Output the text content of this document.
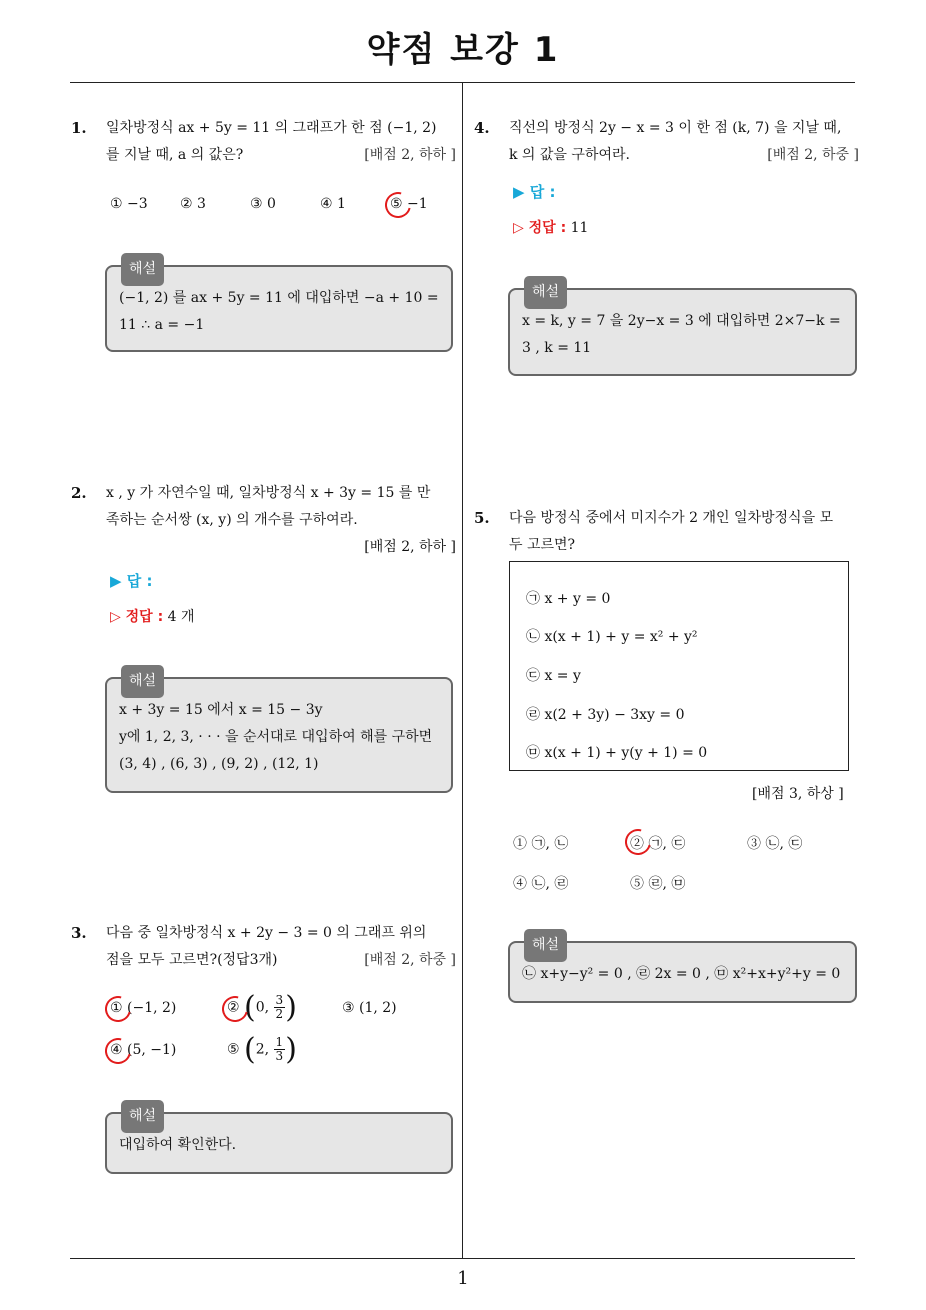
약점 보강 1
1
1. 일차방정식 ax + 5y = 11 의 그래프가 한 점 (−1, 2)
를 지날 때, a 의 값은?	[배점 2, 하하 ]
① −3 ② 3	③ 0	④ 1	⑤ −1
해설
(−1, 2) 를 ax + 5y = 11 에 대입하면 −a + 10 =
11 ∴ a = −1
2. x , y 가 자연수일 때, 일차방정식 x + 3y = 15 를 만
족하는 순서쌍 (x, y) 의 개수를 구하여라.
[배점 2, 하하 ]
▶ 답 :
▷ 정답 : 4 개
해설
x + 3y = 15 에서 x = 15 − 3y
y에 1, 2, 3, · · · 을 순서대로 대입하여 해를 구하면
(3, 4) , (6, 3) , (9, 2) , (12, 1)
3. 다음 중 일차방정식 x + 2y − 3 = 0 의 그래프 위의
점을 모두 고르면?(정답3개)	[배점 2, 하중 ]
① (−1, 2)	② (0, $\frac{3}{2}$ )	③ (1, 2)
④ (5, −1)	⑤ (2, $\frac{1}{3}$ )
해설
대입하여 확인한다.
4. 직선의 방정식 2y − x = 3 이 한 점 (k, 7) 을 지날 때,
k 의 값을 구하여라.	[배점 2, 하중 ]
▶ 답 :
▷ 정답 : 11
해설
x = k, y = 7 을 2y−x = 3 에 대입하면 2×7−k =
3 , k = 11
5. 다음 방정식 중에서 미지수가 2 개인 일차방정식을 모
두 고르면?
㉠ x + y = 0
㉡ x(x + 1) + y = x² + y²
㉢ x = y
㉣ x(2 + 3y) − 3xy = 0
㉤ x(x + 1) + y(y + 1) = 0
[배점 3, 하상 ]
① ㉠, ㉡	② ㉠, ㉢	③ ㉡, ㉢
④ ㉡, ㉣	⑤ ㉣, ㉤
해설
㉡ x+y−y² = 0 , ㉣ 2x = 0 , ㉤ x²+x+y²+y = 0
